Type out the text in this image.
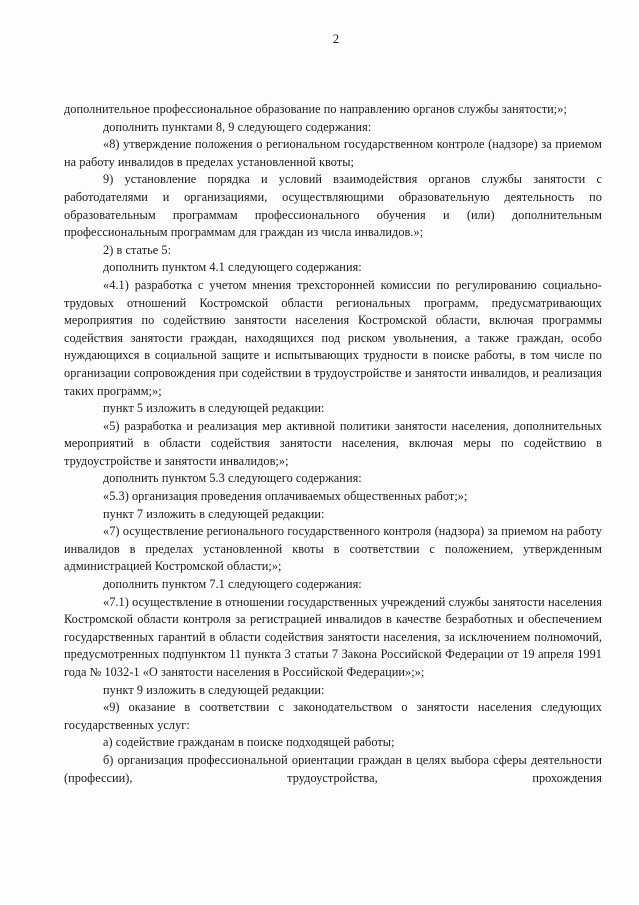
2

дополнительное профессиональное образование по направлению органов службы занятости;»;

дополнить пунктами 8, 9 следующего содержания:

«8) утверждение положения о региональном государственном контроле (надзоре) за приемом на работу инвалидов в пределах установленной квоты;

9) установление порядка и условий взаимодействия органов службы занятости с работодателями и организациями, осуществляющими образовательную деятельность по образовательным программам профессионального обучения и (или) дополнительным профессиональным программам для граждан из числа инвалидов.»;

2) в статье 5:

дополнить пунктом 4.1 следующего содержания:

«4.1) разработка с учетом мнения трехсторонней комиссии по регулированию социально-трудовых отношений Костромской области региональных программ, предусматривающих мероприятия по содействию занятости населения Костромской области, включая программы содействия занятости граждан, находящихся под риском увольнения, а также граждан, особо нуждающихся в социальной защите и испытывающих трудности в поиске работы, в том числе по организации сопровождения при содействии в трудоустройстве и занятости инвалидов, и реализация таких программ;»;

пункт 5 изложить в следующей редакции:

«5) разработка и реализация мер активной политики занятости населения, дополнительных мероприятий в области содействия занятости населения, включая меры по содействию в трудоустройстве и занятости инвалидов;»;

дополнить пунктом 5.3 следующего содержания:

«5.3) организация проведения оплачиваемых общественных работ;»;

пункт 7 изложить в следующей редакции:

«7) осуществление регионального государственного контроля (надзора) за приемом на работу инвалидов в пределах установленной квоты в соответствии с положением, утвержденным администрацией Костромской области;»;

дополнить пунктом 7.1 следующего содержания:

«7.1) осуществление в отношении государственных учреждений службы занятости населения Костромской области контроля за регистрацией инвалидов в качестве безработных и обеспечением государственных гарантий в области содействия занятости населения, за исключением полномочий, предусмотренных подпунктом 11 пункта 3 статьи 7 Закона Российской Федерации от 19 апреля 1991 года № 1032-1 «О занятости населения в Российской Федерации»;»;

пункт 9 изложить в следующей редакции:

«9) оказание в соответствии с законодательством о занятости населения следующих государственных услуг:

а) содействие гражданам в поиске подходящей работы;

б) организация профессиональной ориентации граждан в целях выбора сферы деятельности (профессии), трудоустройства, прохождения
